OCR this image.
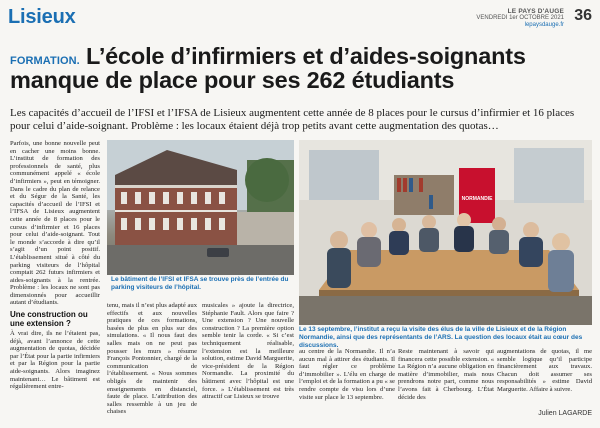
Lisieux	LE PAYS D'AUGE
VENDREDI 1er OCTOBRE 2021
lepaysdauge.fr
36
FORMATION. L’école d’infirmiers et d’aides-soignants manque de place pour ses 262 étudiants

Les capacités d’accueil de l’IFSI et l’IFSA de Lisieux augmentent cette année de 8 places pour le cursus d’infirmier et 16 places pour celui d’aide-soignant. Problème : les locaux étaient déjà trop petits avant cette augmentation des quotas…

Parfois, une bonne nouvelle peut en cacher une moins bonne. L’institut de formation des professionnels de santé, plus communément appelé « école d’infirmiers », peut en témoigner. Dans le cadre du plan de relance et du Ségur de la Santé, les capacités d’accueil de l’IFSI et l’IFSA de Lisieux augmentent cette année de 8 places pour le cursus d’infirmier et 16 places pour celui d’aide-soignant. Tout le monde s’accorde à dire qu’il s’agit d’un point positif. L’établissement situé à côté du parking visiteurs de l’hôpital comptait 262 futurs infirmiers et aides-soignants à la rentrée. Problème : les locaux ne sont pas dimensionnés pour accueillir autant d’étudiants.

Une construction ou une extension ?

À vrai dire, ils ne l’étaient pas, déjà, avant l’annonce de cette augmentation de quotas, décidée par l’État pour la partie infirmiers et par la Région pour la partie aide-soignants. Alors imaginez maintenant… Le bâtiment est régulièrement entre-

Le bâtiment de l’IFSI et IFSA se trouve près de l’entrée du parking visiteurs de l’hôpital.
NORMANDIE
Le 13 septembre, l’institut a reçu la visite des élus de la ville de Lisieux et de la Région Normandie, ainsi que des représentants de l’ARS. La question des locaux était au cœur des discussions.
tenu, mais il n’est plus adapté aux effectifs et aux nouvelles pratiques de ces formations, basées de plus en plus sur des simulations. « Il nous faut des salles mais on ne peut pas pousser les murs » résume François Pontonnier, chargé de la communication de l’établissement. « Nous sommes obligés de maintenir des enseignements en distanciel, faute de place. L’attribution des salles ressemble à un jeu de chaises
musicales » ajoute la directrice, Stéphanie Fault. Alors que faire ? Une extension ? Une nouvelle construction ? La première option semble tenir la corde. « Si c’est techniquement réalisable, l’extension est la meilleure solution, estime David Marguerite, vice-président de la Région Normandie. La proximité du bâtiment avec l’hôpital est une force. » L’établissement est très attractif car Lisieux se trouve
au centre de la Normandie. Il n’a aucun mal à attirer des étudiants. Il faut régler ce problème d’immobilier ». L’élu en charge de l’emploi et de la formation a pu « se rendre compte de visu lors d’une visite sur place le 13 septembre.
Reste maintenant à savoir qui financera cette possible extension. « La Région n’a aucune obligation en matière d’immobilier, mais nous prendrons notre part, comme nous l’avons fait à Cherbourg. L’État décide des
augmentations de quotas, il me semble logique qu’il participe financièrement aux travaux. Chacun doit assumer ses responsabilités » estime David Marguerite. Affaire à suivre.
Julien LAGARDE
